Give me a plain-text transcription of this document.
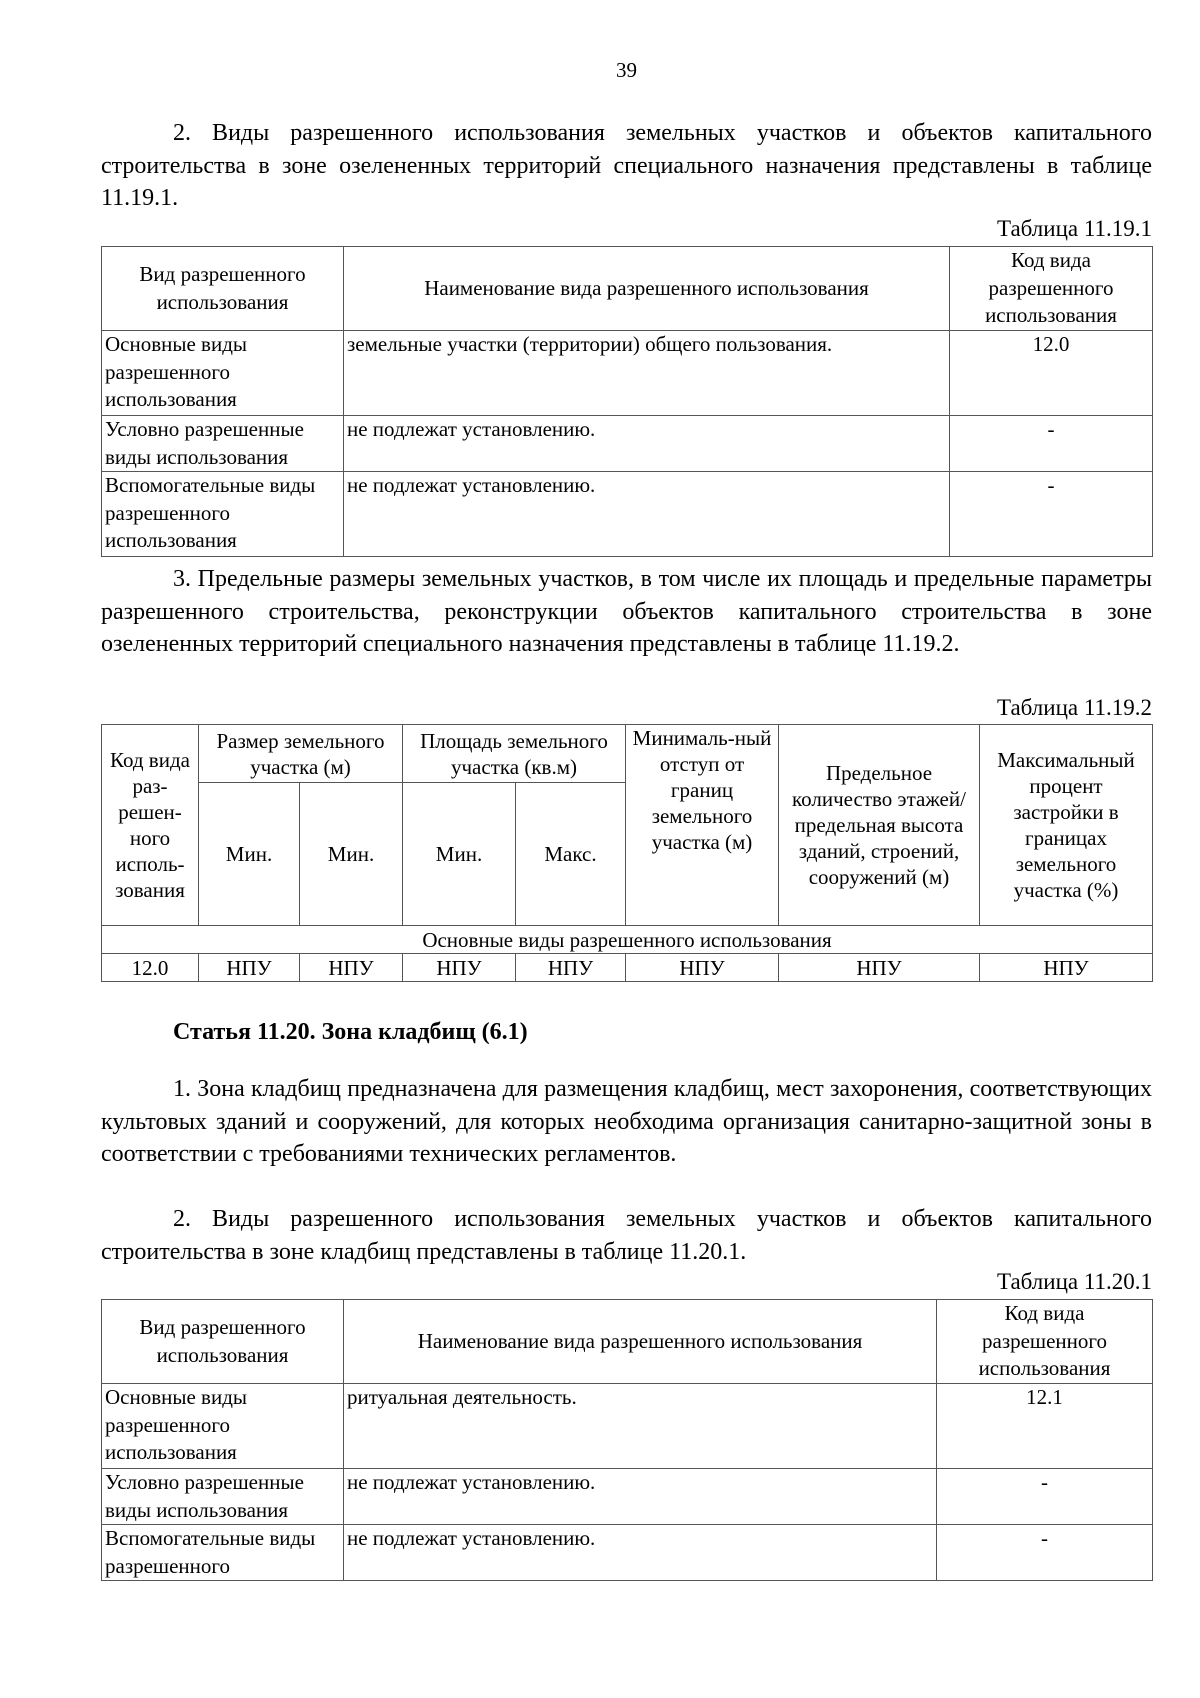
39

2. Виды разрешенного использования земельных участков и объектов капитального строительства в зоне озелененных территорий специального назначения представлены в таблице 11.19.1.

Таблица 11.19.1
Вид разрешенного использования	Наименование вида разрешенного использования	Код вида разрешенного использования
Основные виды разрешенного использования	земельные участки (территории) общего пользования.	12.0
Условно разрешенные виды использования	не подлежат установлению.	-
Вспомогательные виды разрешенного использования	не подлежат установлению.	-

3. Предельные размеры земельных участков, в том числе их площадь и предельные параметры разрешенного строительства, реконструкции объектов капитального строительства в зоне озелененных территорий специального назначения представлены в таблице 11.19.2.

Таблица 11.19.2
Код вида раз-решен-ного исполь-зования	Размер земельного участка (м)		Площадь земельного участка (кв.м)		Минималь-ный отступ от границ земельного участка (м)	Предельное количество этажей/ предельная высота зданий, строений, сооружений (м)	Максимальный процент застройки в границах земельного участка (%)
	Мин.	Мин.	Мин.	Макс.			
Основные виды разрешенного использования							
12.0	НПУ	НПУ	НПУ	НПУ	НПУ	НПУ	НПУ
Статья 11.20. Зона кладбищ (6.1)

1. Зона кладбищ предназначена для размещения кладбищ, мест захоронения, соответствующих культовых зданий и сооружений, для которых необходима организация санитарно-защитной зоны в соответствии с требованиями технических регламентов.

2. Виды разрешенного использования земельных участков и объектов капитального строительства в зоне кладбищ представлены в таблице 11.20.1.

Таблица 11.20.1
Вид разрешенного использования	Наименование вида разрешенного использования	Код вида разрешенного использования
Основные виды разрешенного использования	ритуальная деятельность.	12.1
Условно разрешенные виды использования	не подлежат установлению.	-
Вспомогательные виды разрешенного	не подлежат установлению.	-
